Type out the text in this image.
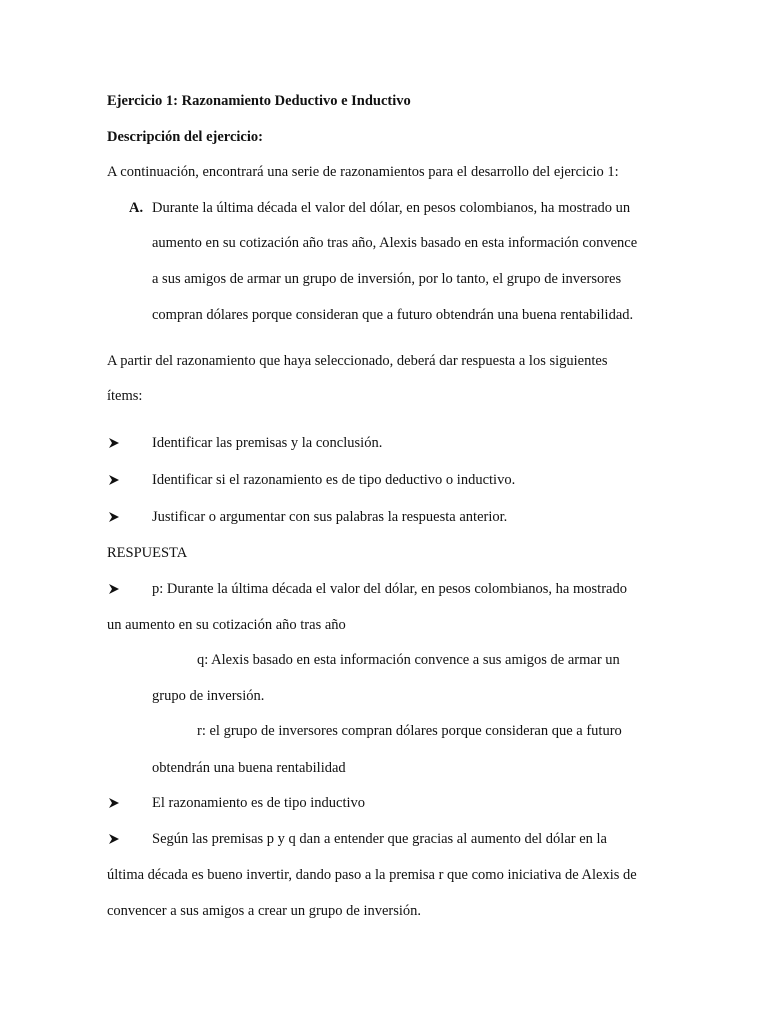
Ejercicio 1: Razonamiento Deductivo e Inductivo
Descripción del ejercicio:
A continuación, encontrará una serie de razonamientos para el desarrollo del ejercicio 1:
A. Durante la última década el valor del dólar, en pesos colombianos, ha mostrado un
aumento en su cotización año tras año, Alexis basado en esta información convence
a sus amigos de armar un grupo de inversión, por lo tanto, el grupo de inversores
compran dólares porque consideran que a futuro obtendrán una buena rentabilidad.
A partir del razonamiento que haya seleccionado, deberá dar respuesta a los siguientes
ítems:
Identificar las premisas y la conclusión.
Identificar si el razonamiento es de tipo deductivo o inductivo.
Justificar o argumentar con sus palabras la respuesta anterior.
RESPUESTA
p: Durante la última década el valor del dólar, en pesos colombianos, ha mostrado
un aumento en su cotización año tras año
q: Alexis basado en esta información convence a sus amigos de armar un
grupo de inversión.
r: el grupo de inversores compran dólares porque consideran que a futuro
obtendrán una buena rentabilidad
El razonamiento es de tipo inductivo
Según las premisas p y q dan a entender que gracias al aumento del dólar en la
última década es bueno invertir, dando paso a la premisa r que como iniciativa de Alexis de
convencer a sus amigos a crear un grupo de inversión.
